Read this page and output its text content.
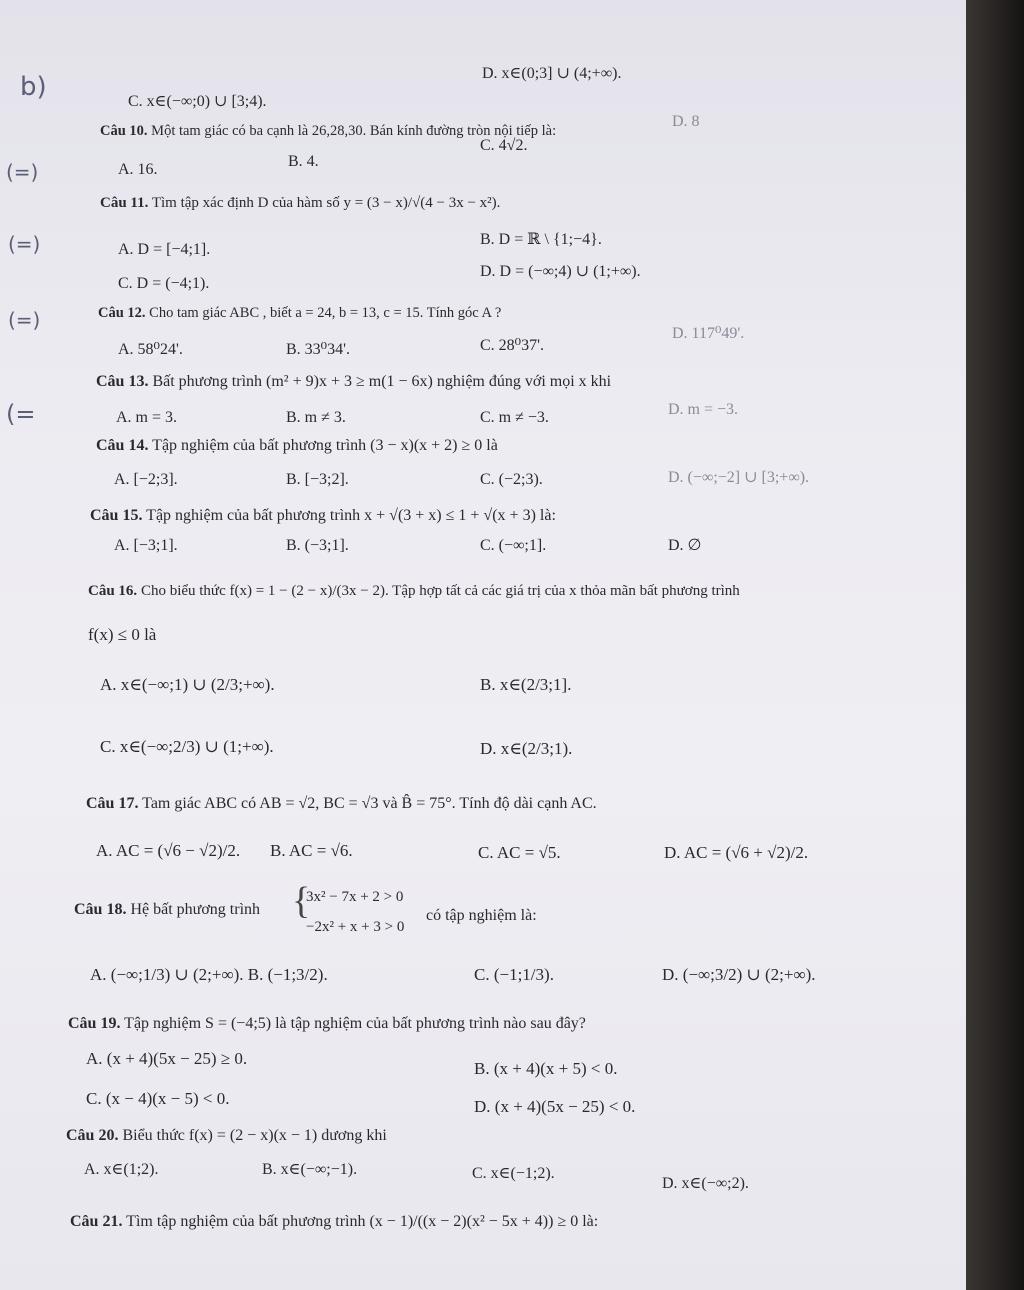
b)
(=)
(=)
(=)
(=
D. x∈(0;3] ∪ (4;+∞).
C. x∈(−∞;0) ∪ [3;4).
Câu 10. Một tam giác có ba cạnh là 26,28,30. Bán kính đường tròn nội tiếp là:
D. 8
C. 4√2.
A. 16.	B. 4.
Câu 11. Tìm tập xác định D của hàm số y = (3 − x)/√(4 − 3x − x²).
A. D = [−4;1].
B. D = ℝ \ {1;−4}.
C. D = (−4;1).
D. D = (−∞;4) ∪ (1;+∞).
Câu 12. Cho tam giác ABC , biết a = 24, b = 13, c = 15. Tính góc A ?
A. 58⁰24'.	B. 33⁰34'.	C. 28⁰37'.
D. 117⁰49'.
Câu 13. Bất phương trình (m² + 9)x + 3 ≥ m(1 − 6x) nghiệm đúng với mọi x khi
A. m = 3.	B. m ≠ 3.	C. m ≠ −3.	D. m = −3.
Câu 14. Tập nghiệm của bất phương trình (3 − x)(x + 2) ≥ 0 là
A. [−2;3].	B. [−3;2].	C. (−2;3).	D. (−∞;−2] ∪ [3;+∞).
Câu 15. Tập nghiệm của bất phương trình x + √(3 + x) ≤ 1 + √(x + 3) là:
A. [−3;1].	B. (−3;1].	C. (−∞;1].	D. ∅
Câu 16. Cho biểu thức f(x) = 1 − (2 − x)/(3x − 2). Tập hợp tất cả các giá trị của x thỏa mãn bất phương trình
f(x) ≤ 0 là
A. x∈(−∞;1) ∪ (2/3;+∞).	B. x∈(2/3;1].
C. x∈(−∞;2/3) ∪ (1;+∞).	D. x∈(2/3;1).
Câu 17. Tam giác ABC có AB = √2, BC = √3 và B̂ = 75°. Tính độ dài cạnh AC.
A. AC = (√6 − √2)/2. B. AC = √6.	C. AC = √5.	D. AC = (√6 + √2)/2.
Câu 18. Hệ bất phương trình {
3x² − 7x + 2 > 0
−2x² + x + 3 > 0
có tập nghiệm là:
A. (−∞;1/3) ∪ (2;+∞). B. (−1;3/2).	C. (−1;1/3).	D. (−∞;3/2) ∪ (2;+∞).
Câu 19. Tập nghiệm S = (−4;5) là tập nghiệm của bất phương trình nào sau đây?
A. (x + 4)(5x − 25) ≥ 0.
B. (x + 4)(x + 5) < 0.
C. (x − 4)(x − 5) < 0.	D. (x + 4)(5x − 25) < 0.
Câu 20. Biểu thức f(x) = (2 − x)(x − 1) dương khi
A. x∈(1;2).	B. x∈(−∞;−1).	C. x∈(−1;2).
D. x∈(−∞;2).
Câu 21. Tìm tập nghiệm của bất phương trình (x − 1)/((x − 2)(x² − 5x + 4)) ≥ 0 là:
